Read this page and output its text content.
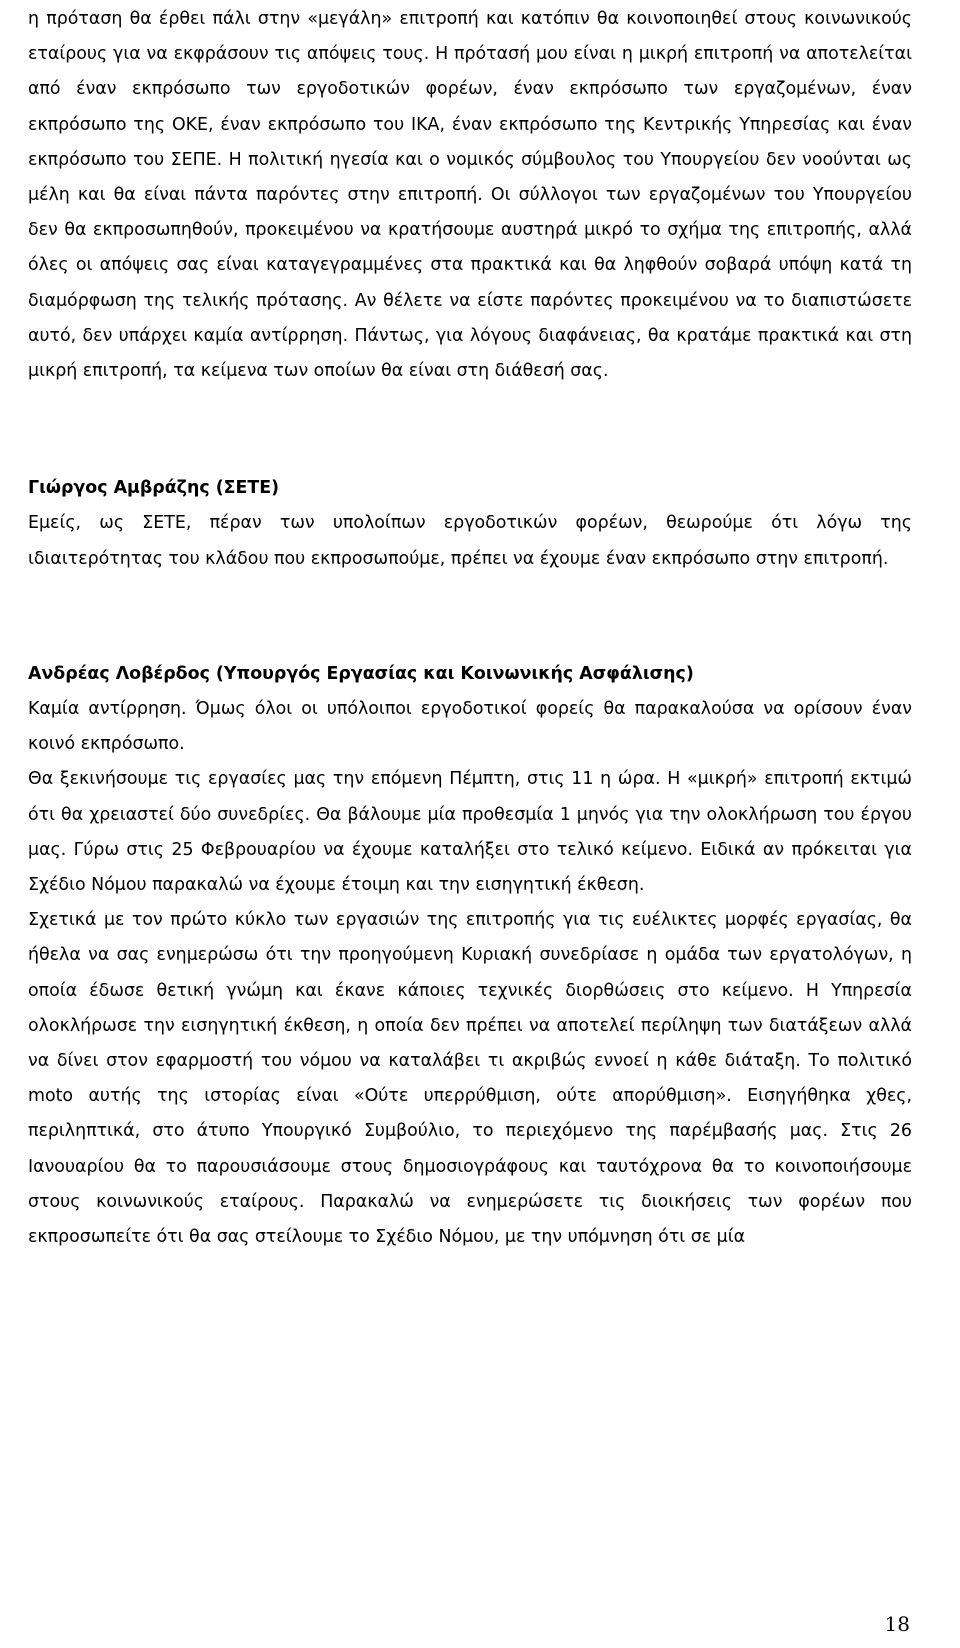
η πρόταση θα έρθει πάλι στην «μεγάλη» επιτροπή και κατόπιν θα κοινοποιηθεί στους κοινωνικούς εταίρους για να εκφράσουν τις απόψεις τους. Η πρότασή μου είναι η μικρή επιτροπή να αποτελείται από έναν εκπρόσωπο των εργοδοτικών φορέων, έναν εκπρόσωπο των εργαζομένων, έναν εκπρόσωπο της ΟΚΕ, έναν εκπρόσωπο του ΙΚΑ, έναν εκπρόσωπο της Κεντρικής Υπηρεσίας και έναν εκπρόσωπο του ΣΕΠΕ. Η πολιτική ηγεσία και ο νομικός σύμβουλος του Υπουργείου δεν νοούνται ως μέλη και θα είναι πάντα παρόντες στην επιτροπή. Οι σύλλογοι των εργαζομένων του Υπουργείου δεν θα εκπροσωπηθούν, προκειμένου να κρατήσουμε αυστηρά μικρό το σχήμα της επιτροπής, αλλά όλες οι απόψεις σας είναι καταγεγραμμένες στα πρακτικά και θα ληφθούν σοβαρά υπόψη κατά τη διαμόρφωση της τελικής πρότασης. Αν θέλετε να είστε παρόντες προκειμένου να το διαπιστώσετε αυτό, δεν υπάρχει καμία αντίρρηση. Πάντως, για λόγους διαφάνειας, θα κρατάμε πρακτικά και στη μικρή επιτροπή, τα κείμενα των οποίων θα είναι στη διάθεσή σας.

Γιώργος Αμβράζης (ΣΕΤΕ)

Εμείς, ως ΣΕΤΕ, πέραν των υπολοίπων εργοδοτικών φορέων, θεωρούμε ότι λόγω της ιδιαιτερότητας του κλάδου που εκπροσωπούμε, πρέπει να έχουμε έναν εκπρόσωπο στην επιτροπή.

Ανδρέας Λοβέρδος (Υπουργός Εργασίας και Κοινωνικής Ασφάλισης)

Καμία αντίρρηση. Όμως όλοι οι υπόλοιποι εργοδοτικοί φορείς θα παρακαλούσα να ορίσουν έναν κοινό εκπρόσωπο.

Θα ξεκινήσουμε τις εργασίες μας την επόμενη Πέμπτη, στις 11 η ώρα. Η «μικρή» επιτροπή εκτιμώ ότι θα χρειαστεί δύο συνεδρίες. Θα βάλουμε μία προθεσμία 1 μηνός για την ολοκλήρωση του έργου μας. Γύρω στις 25 Φεβρουαρίου να έχουμε καταλήξει στο τελικό κείμενο. Ειδικά αν πρόκειται για Σχέδιο Νόμου παρακαλώ να έχουμε έτοιμη και την εισηγητική έκθεση.

Σχετικά με τον πρώτο κύκλο των εργασιών της επιτροπής για τις ευέλικτες μορφές εργασίας, θα ήθελα να σας ενημερώσω ότι την προηγούμενη Κυριακή συνεδρίασε η ομάδα των εργατολόγων, η οποία έδωσε θετική γνώμη και έκανε κάποιες τεχνικές διορθώσεις στο κείμενο. Η Υπηρεσία ολοκλήρωσε την εισηγητική έκθεση, η οποία δεν πρέπει να αποτελεί περίληψη των διατάξεων αλλά να δίνει στον εφαρμοστή του νόμου να καταλάβει τι ακριβώς εννοεί η κάθε διάταξη. Το πολιτικό moto αυτής της ιστορίας είναι «Ούτε υπερρύθμιση, ούτε απορύθμιση». Εισηγήθηκα χθες, περιληπτικά, στο άτυπο Υπουργικό Συμβούλιο, το περιεχόμενο της παρέμβασής μας. Στις 26 Ιανουαρίου θα το παρουσιάσουμε στους δημοσιογράφους και ταυτόχρονα θα το κοινοποιήσουμε στους κοινωνικούς εταίρους. Παρακαλώ να ενημερώσετε τις διοικήσεις των φορέων που εκπροσωπείτε ότι θα σας στείλουμε το Σχέδιο Νόμου, με την υπόμνηση ότι σε μία

18
